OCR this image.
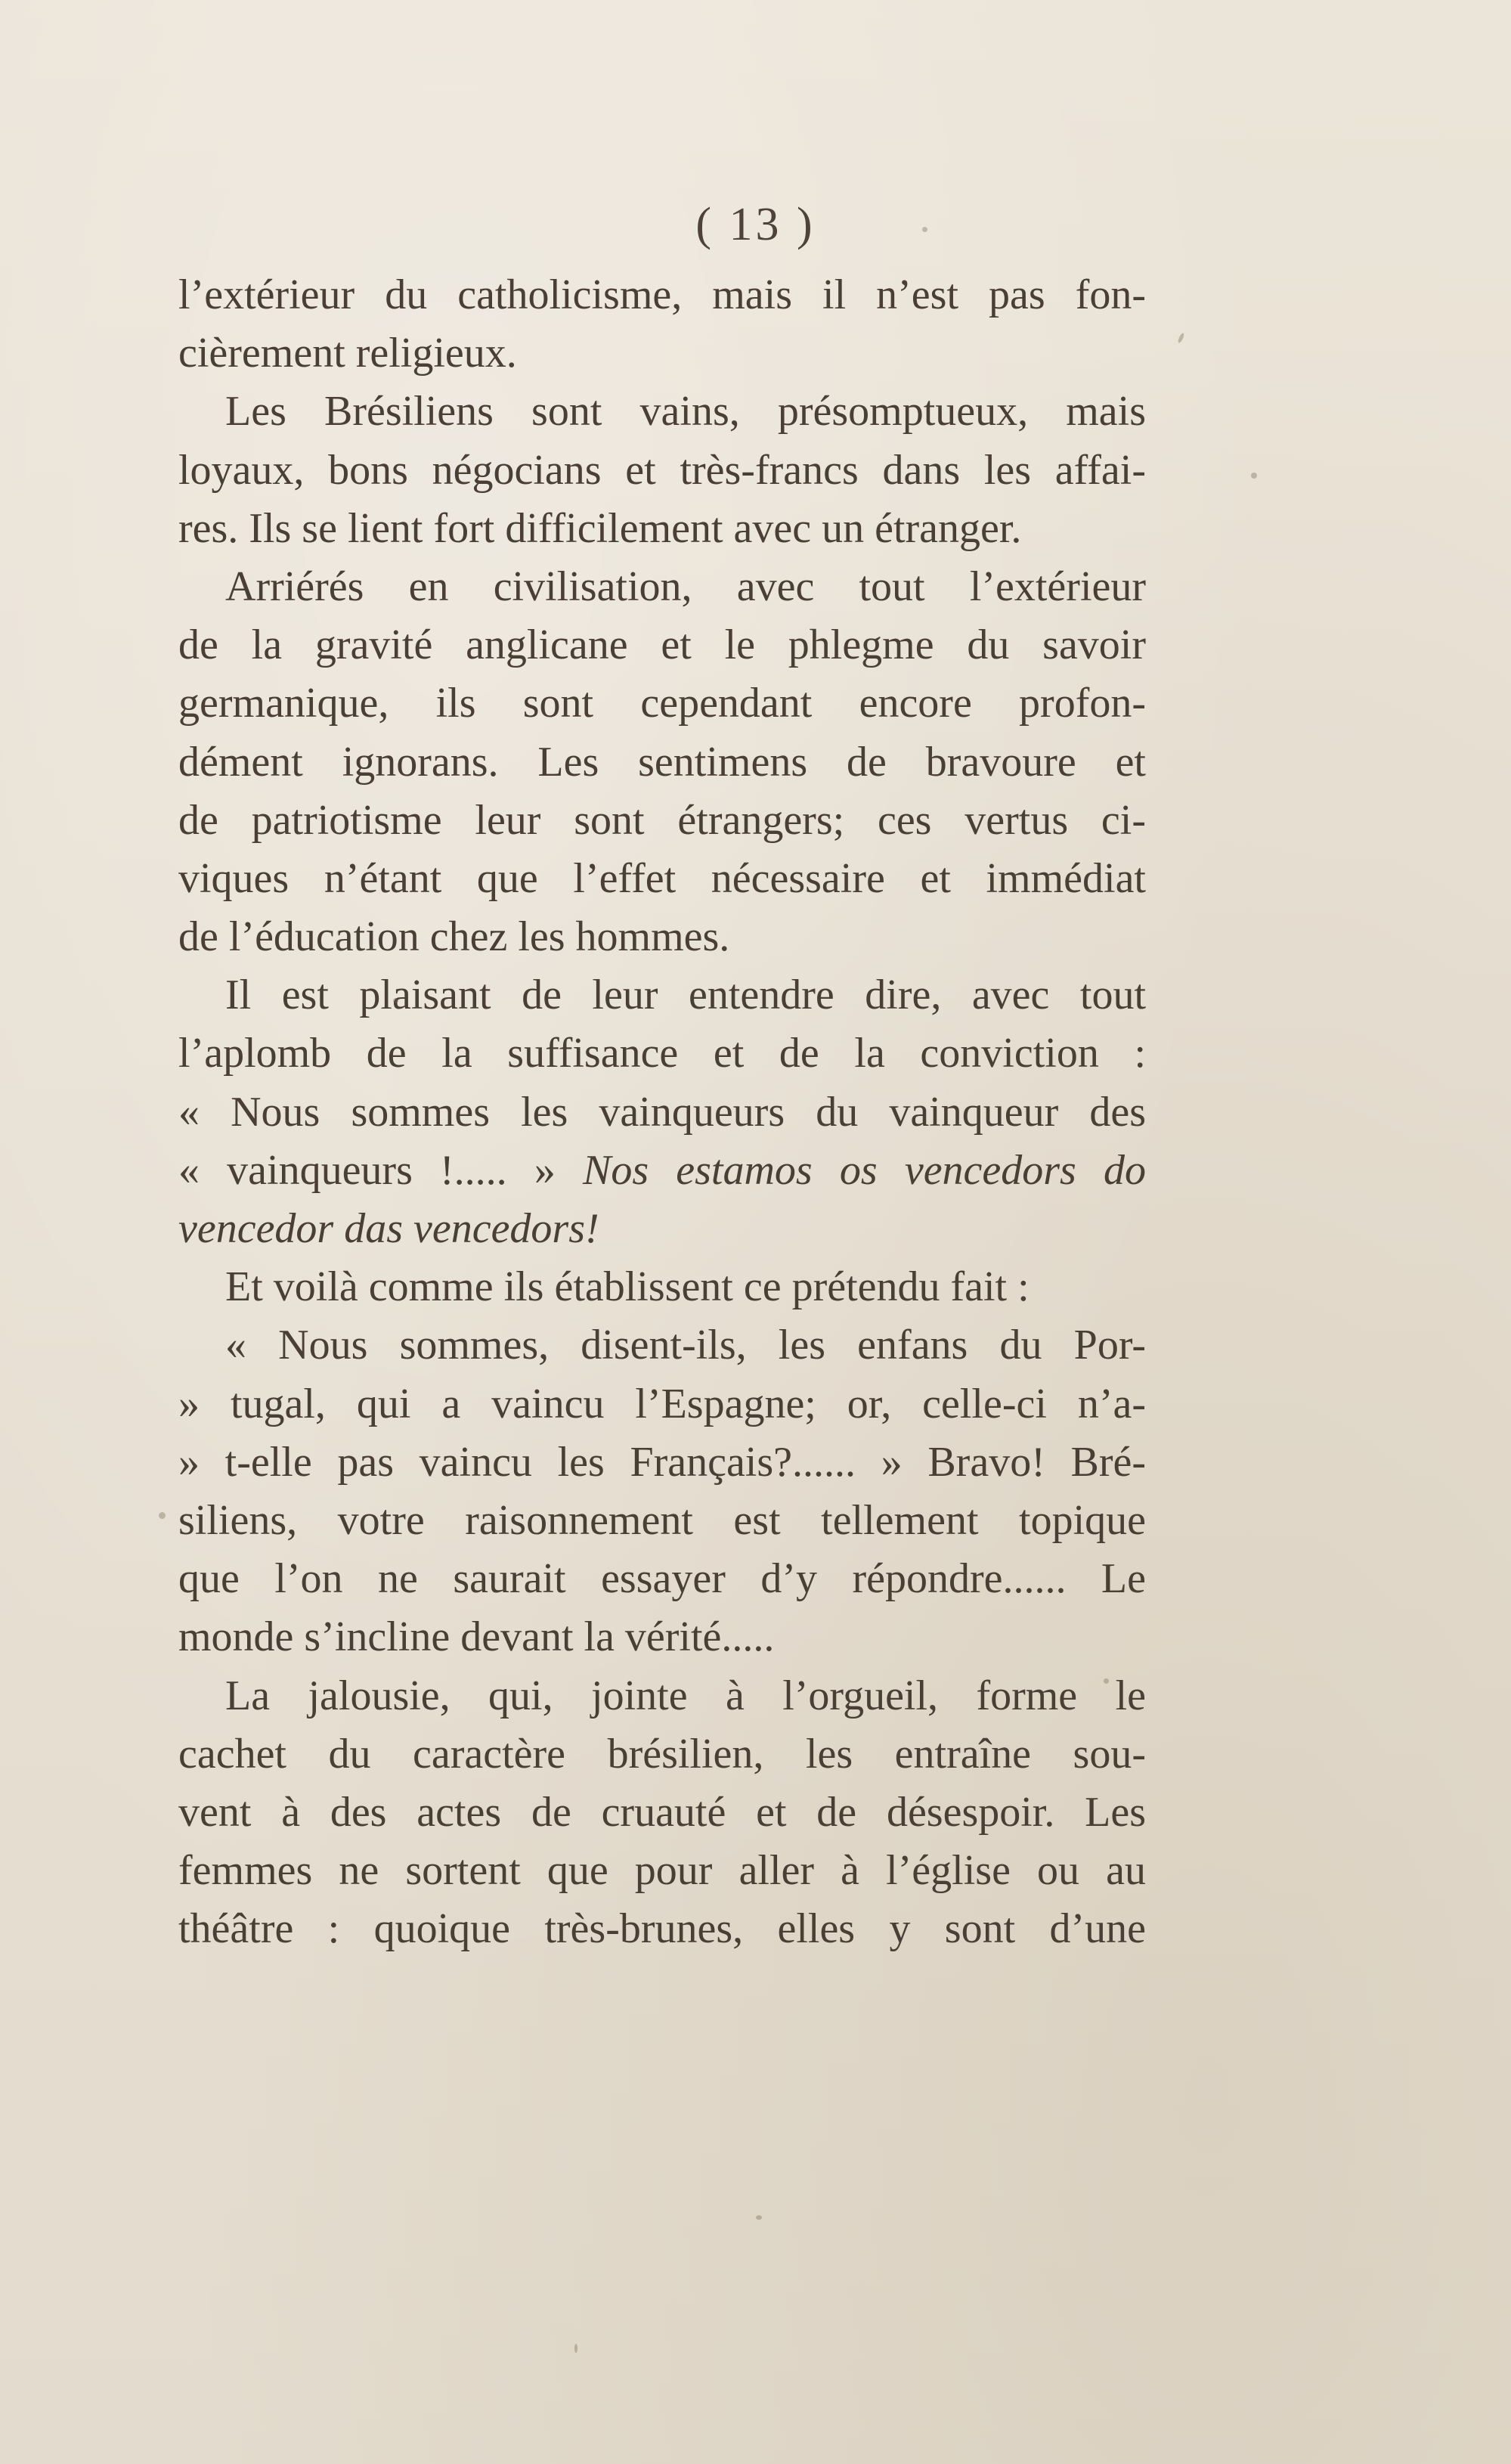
( 13 )
l’extérieur du catholicisme, mais il n’est pas fon-
cièrement religieux.
Les Brésiliens sont vains, présomptueux, mais
loyaux, bons négocians et très-francs dans les affai-
res. Ils se lient fort difficilement avec un étranger.
Arriérés en civilisation, avec tout l’extérieur
de la gravité anglicane et le phlegme du savoir
germanique, ils sont cependant encore profon-
dément ignorans. Les sentimens de bravoure et
de patriotisme leur sont étrangers; ces vertus ci-
viques n’étant que l’effet nécessaire et immédiat
de l’éducation chez les hommes.
Il est plaisant de leur entendre dire, avec tout
l’aplomb de la suffisance et de la conviction :
« Nous sommes les vainqueurs du vainqueur des
« vainqueurs !..... » Nos estamos os vencedors do
vencedor das vencedors!
Et voilà comme ils établissent ce prétendu fait :
« Nous sommes, disent-ils, les enfans du Por-
» tugal, qui a vaincu l’Espagne; or, celle-ci n’a-
» t-elle pas vaincu les Français?...... » Bravo! Bré-
siliens, votre raisonnement est tellement topique
que l’on ne saurait essayer d’y répondre...... Le
monde s’incline devant la vérité.....
La jalousie, qui, jointe à l’orgueil, forme le
cachet du caractère brésilien, les entraîne sou-
vent à des actes de cruauté et de désespoir. Les
femmes ne sortent que pour aller à l’église ou au
théâtre : quoique très-brunes, elles y sont d’une
